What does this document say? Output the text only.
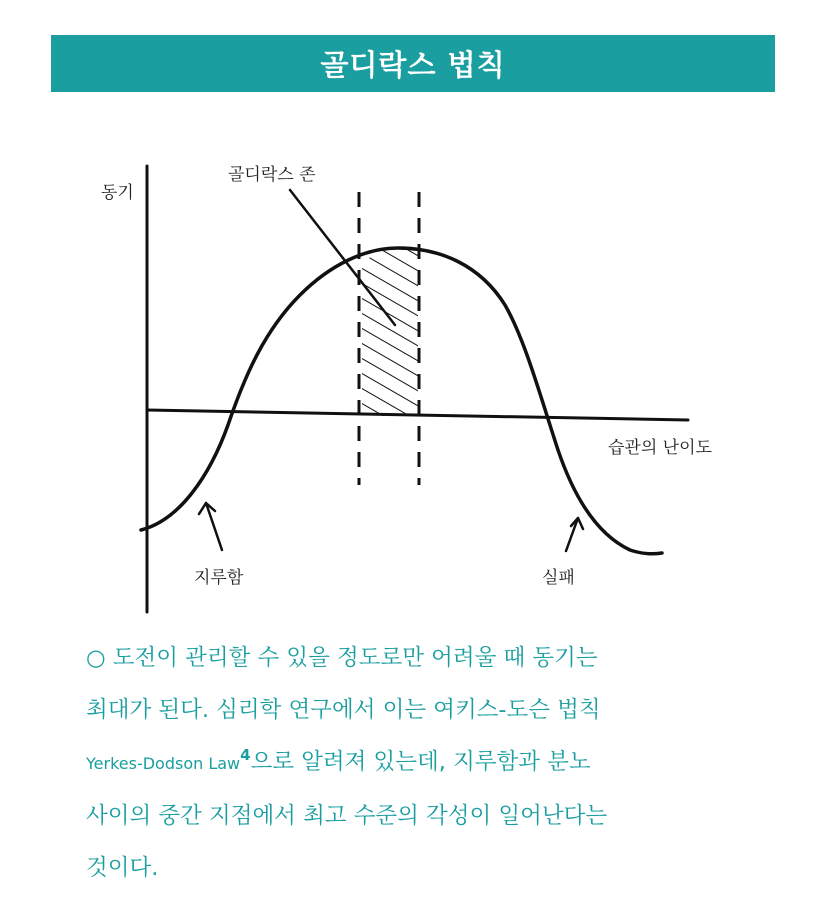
골디락스 법칙
동기
골디락스 존
습관의 난이도
지루함	실패
○ 도전이 관리할 수 있을 정도로만 어려울 때 동기는
최대가 된다. 심리학 연구에서 이는 여키스-도슨 법칙
Yerkes-Dodson Law$^4$으로 알려져 있는데, 지루함과 분노
사이의 중간 지점에서 최고 수준의 각성이 일어난다는
것이다.
